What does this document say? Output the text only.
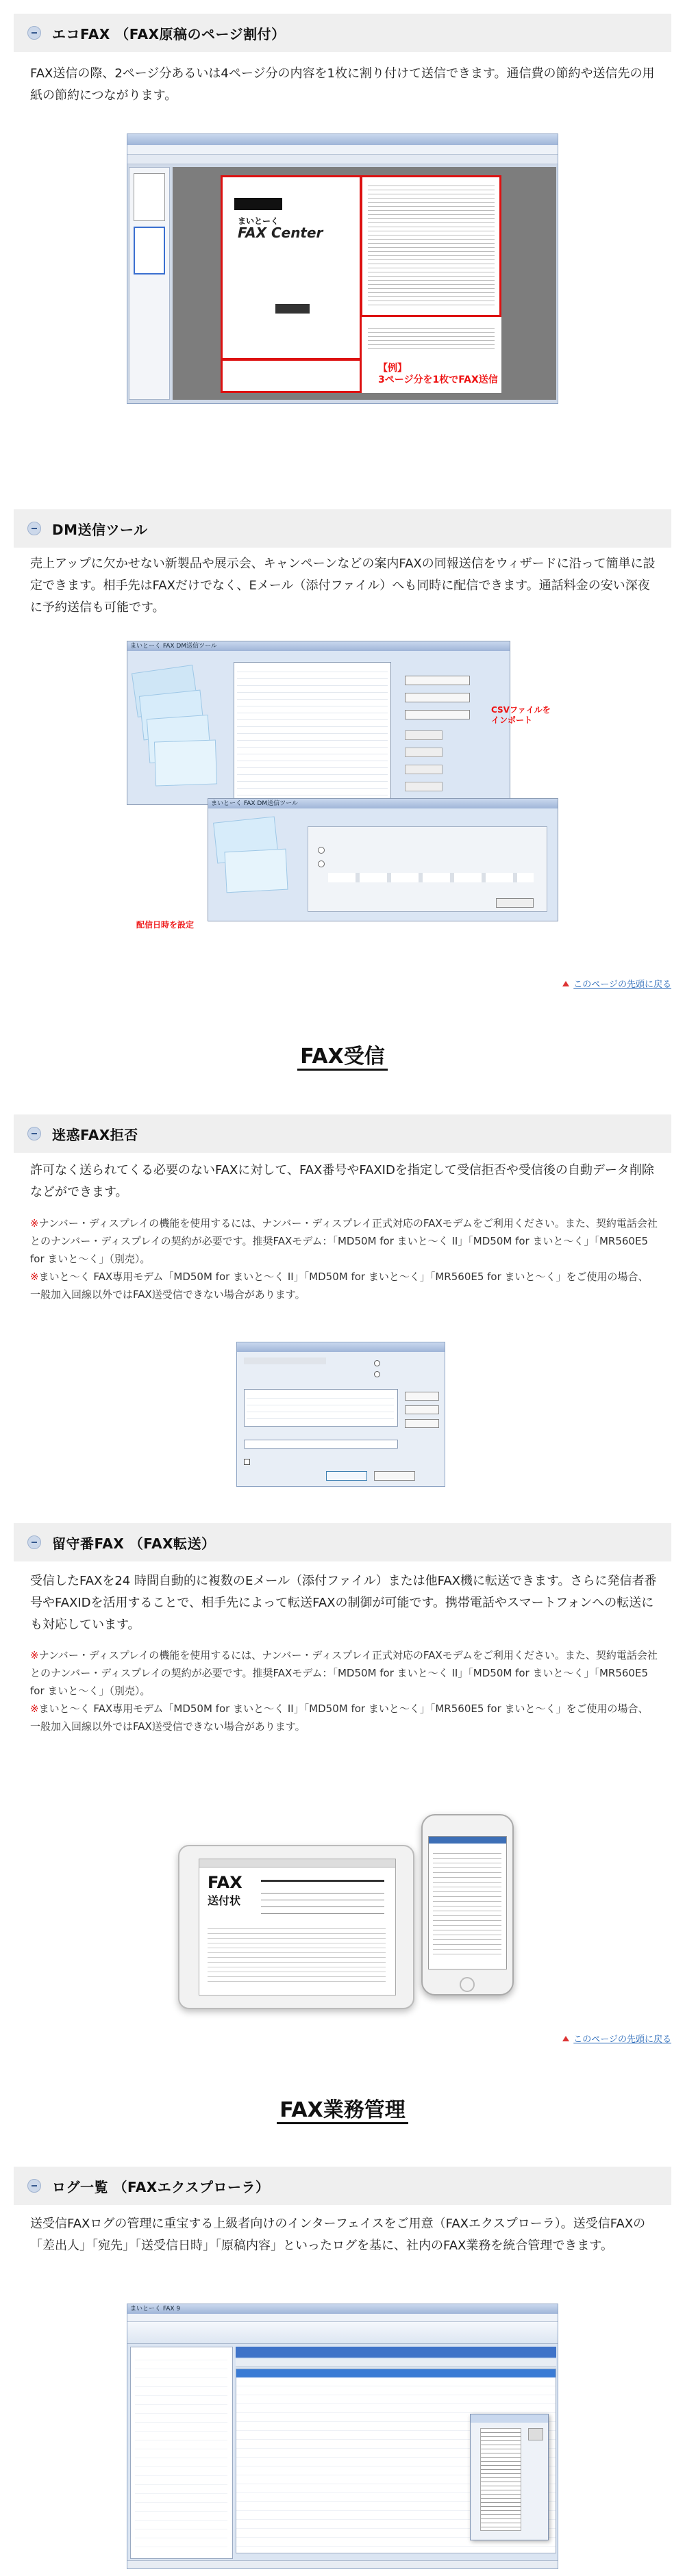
エコFAX （FAX原稿のページ割付）

FAX送信の際、2ページ分あるいは4ページ分の内容を1枚に割り付けて送信できます。通信費の節約や送信先の用紙の節約につながります。

まいとーく
FAX Center
【例】
3ページ分を1枚でFAX送信
DM送信ツール

売上アップに欠かせない新製品や展示会、キャンペーンなどの案内FAXの同報送信をウィザードに沿って簡単に設定できます。相手先はFAXだけでなく、Eメール（添付ファイル）へも同時に配信できます。通話料金の安い深夜に予約送信も可能です。

まいとーく FAX DM送信ツール
CSVファイルを インポート
まいとーく FAX DM送信ツール
配信日時を設定
このページの先頭に戻る
FAX受信
迷惑FAX拒否

許可なく送られてくる必要のないFAXに対して、FAX番号やFAXIDを指定して受信拒否や受信後の自動データ削除などができます。

※ナンバー・ディスプレイの機能を使用するには、ナンバー・ディスプレイ正式対応のFAXモデムをご利用ください。また、契約電話会社とのナンバー・ディスプレイの契約が必要です。推奨FAXモデム：「MD50M for まいと～く II」「MD50M for まいと～く」「MR560E5 for まいと～く」（別売）。
※まいと～く FAX専用モデム「MD50M for まいと～く II」「MD50M for まいと～く」「MR560E5 for まいと～く」をご使用の場合、一般加入回線以外ではFAX送受信できない場合があります。
留守番FAX （FAX転送）

受信したFAXを24 時間自動的に複数のEメール（添付ファイル）または他FAX機に転送できます。さらに発信者番号やFAXIDを活用することで、相手先によって転送FAXの制御が可能です。携帯電話やスマートフォンへの転送にも対応しています。

※ナンバー・ディスプレイの機能を使用するには、ナンバー・ディスプレイ正式対応のFAXモデムをご利用ください。また、契約電話会社とのナンバー・ディスプレイの契約が必要です。推奨FAXモデム：「MD50M for まいと～く II」「MD50M for まいと～く」「MR560E5 for まいと～く」（別売）。
※まいと～く FAX専用モデム「MD50M for まいと～く II」「MD50M for まいと～く」「MR560E5 for まいと～く」をご使用の場合、一般加入回線以外ではFAX送受信できない場合があります。
FAX
送付状
このページの先頭に戻る
FAX業務管理
ログ一覧 （FAXエクスプローラ）

送受信FAXログの管理に重宝する上級者向けのインターフェイスをご用意（FAXエクスプローラ）。送受信FAXの「差出人」「宛先」「送受信日時」「原稿内容」といったログを基に、社内のFAX業務を統合管理できます。

まいとーく FAX 9
